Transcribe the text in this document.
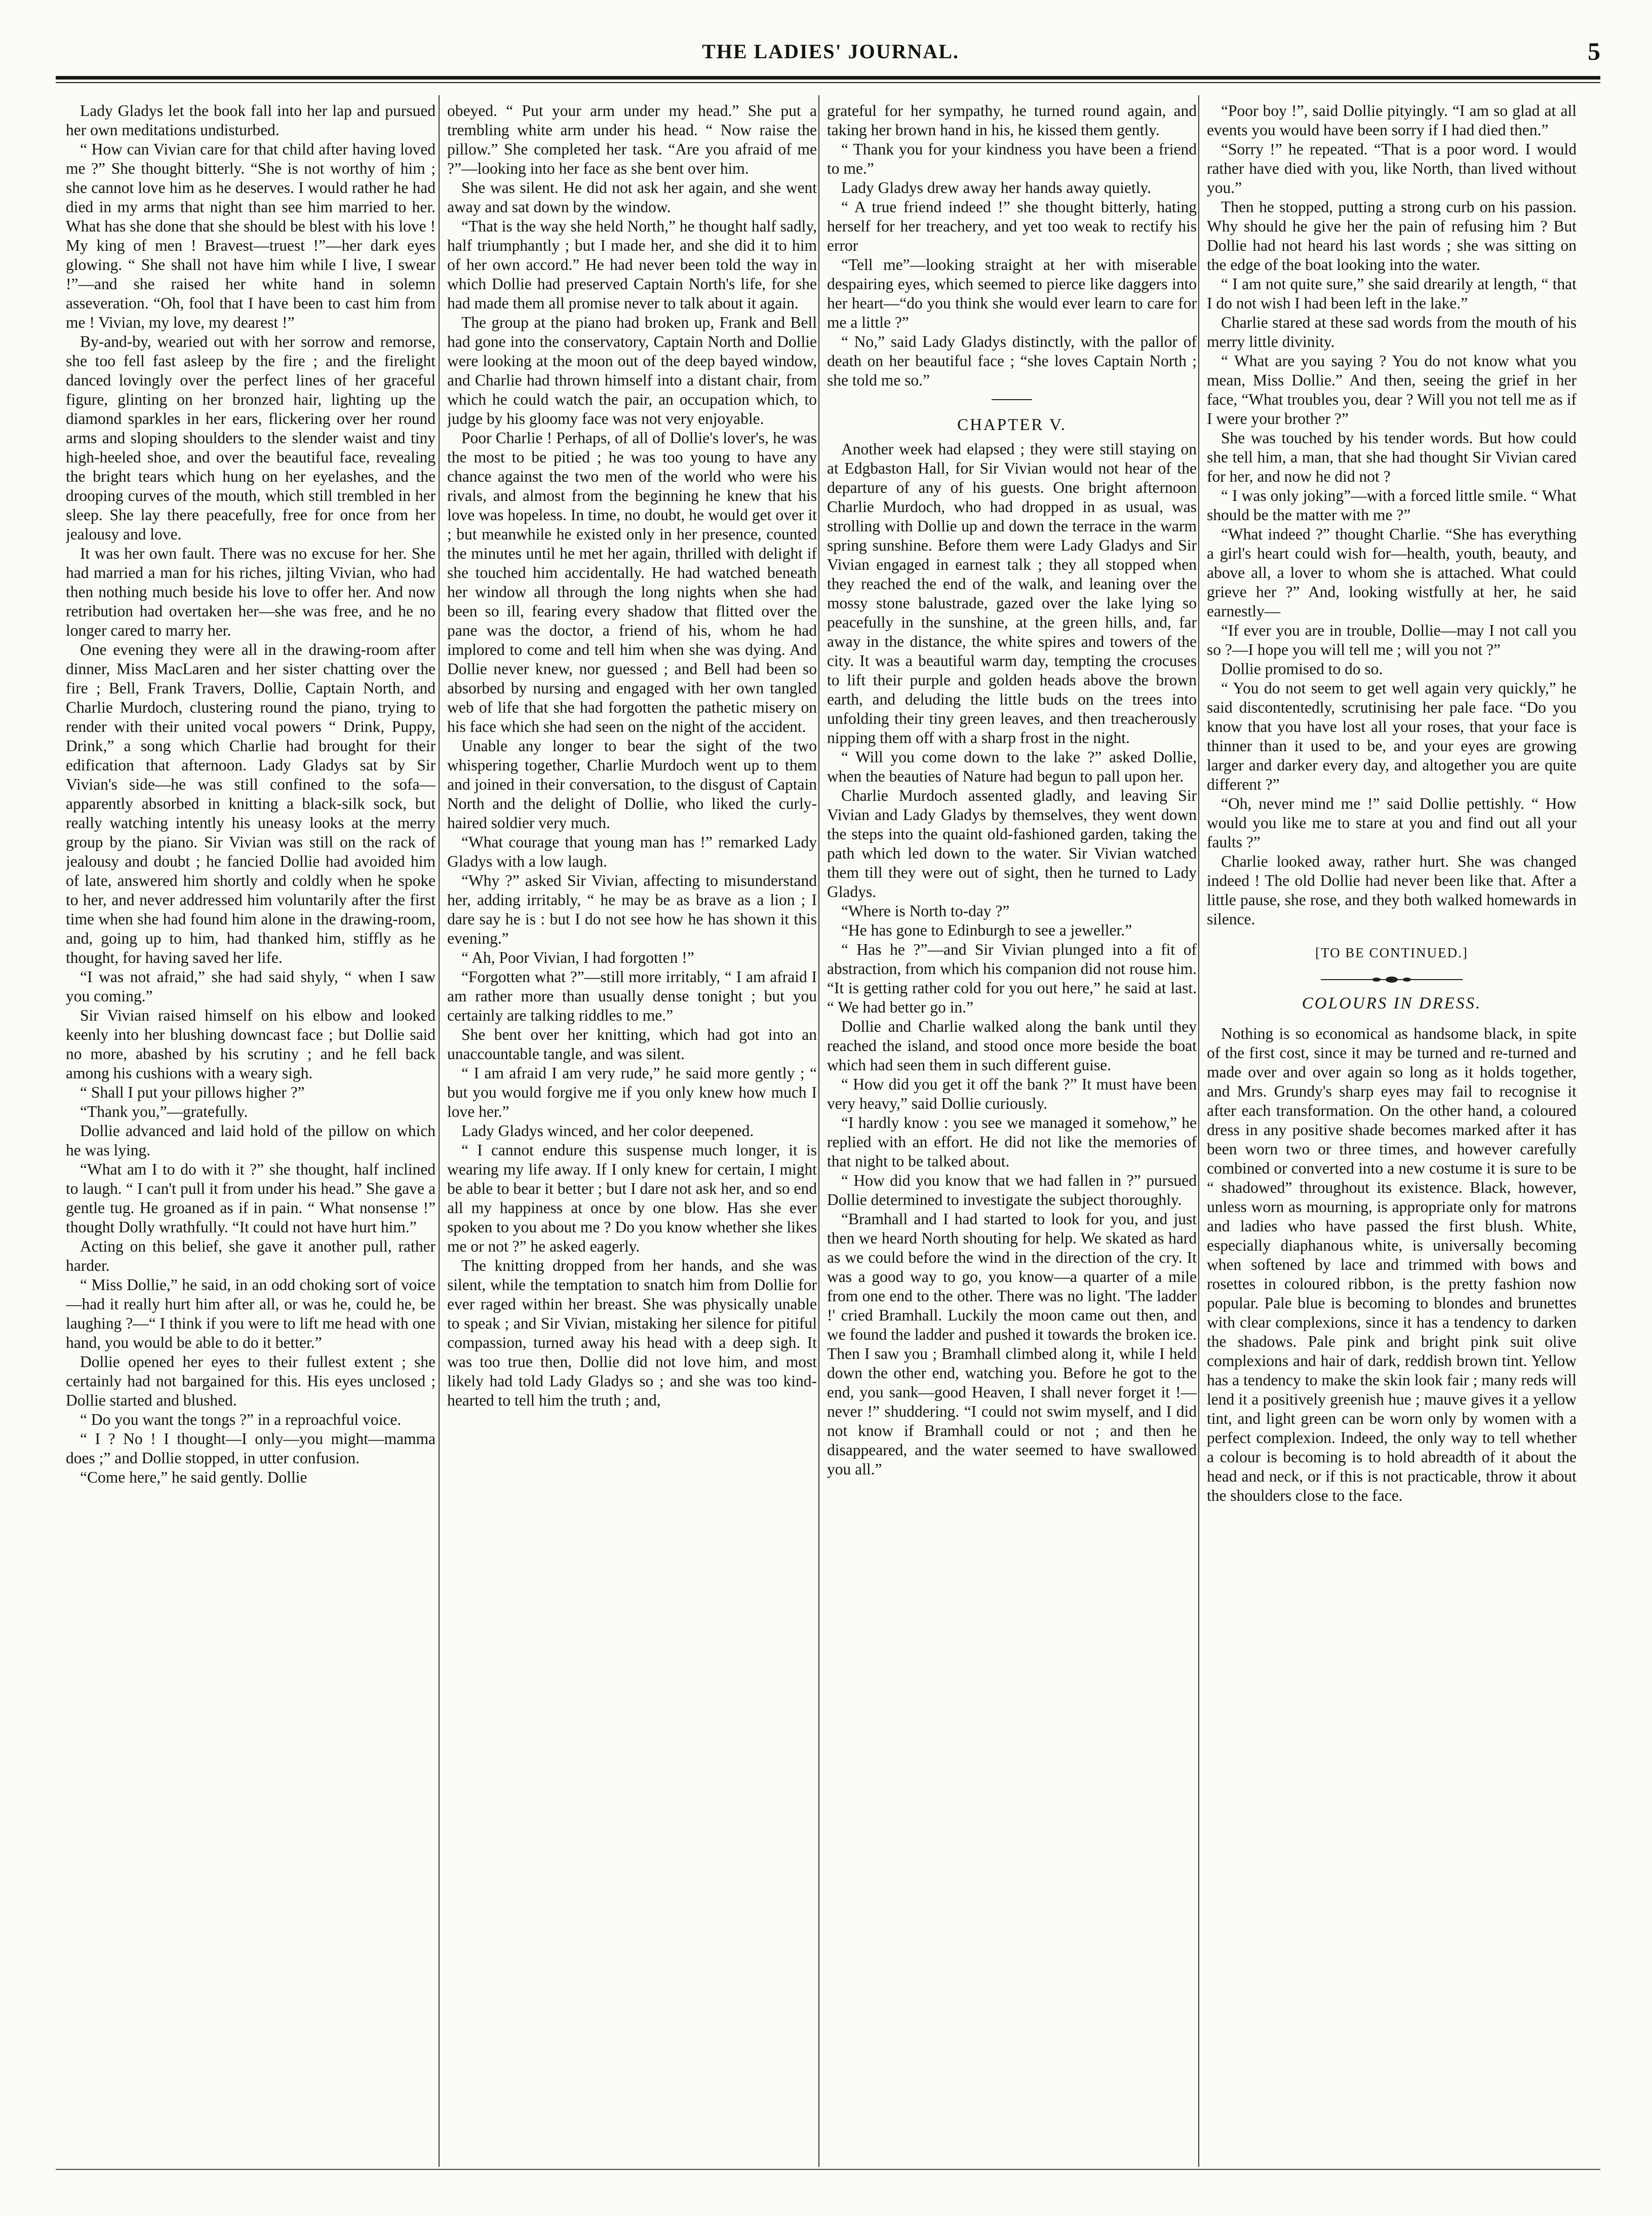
THE LADIES' JOURNAL.	5

Lady Gladys let the book fall into her lap and pursued her own meditations undisturbed.

“ How can Vivian care for that child after having loved me ?” She thought bitterly. “She is not worthy of him ; she cannot love him as he deserves. I would rather he had died in my arms that night than see him married to her. What has she done that she should be blest with his love ! My king of men ! Bravest—truest !”—her dark eyes glowing. “ She shall not have him while I live, I swear !”—and she raised her white hand in solemn asseveration. “Oh, fool that I have been to cast him from me ! Vivian, my love, my dearest !”

By-and-by, wearied out with her sorrow and remorse, she too fell fast asleep by the fire ; and the firelight danced lovingly over the perfect lines of her graceful figure, glinting on her bronzed hair, lighting up the diamond sparkles in her ears, flickering over her round arms and sloping shoulders to the slender waist and tiny high-heeled shoe, and over the beautiful face, revealing the bright tears which hung on her eyelashes, and the drooping curves of the mouth, which still trembled in her sleep. She lay there peacefully, free for once from her jealousy and love.

It was her own fault. There was no excuse for her. She had married a man for his riches, jilting Vivian, who had then nothing much beside his love to offer her. And now retribution had overtaken her—she was free, and he no longer cared to marry her.

One evening they were all in the drawing-room after dinner, Miss MacLaren and her sister chatting over the fire ; Bell, Frank Travers, Dollie, Captain North, and Charlie Murdoch, clustering round the piano, trying to render with their united vocal powers “ Drink, Puppy, Drink,” a song which Charlie had brought for their edification that afternoon. Lady Gladys sat by Sir Vivian's side—he was still confined to the sofa—apparently absorbed in knitting a black-silk sock, but really watching intently his uneasy looks at the merry group by the piano. Sir Vivian was still on the rack of jealousy and doubt ; he fancied Dollie had avoided him of late, answered him shortly and coldly when he spoke to her, and never addressed him voluntarily after the first time when she had found him alone in the drawing-room, and, going up to him, had thanked him, stiffly as he thought, for having saved her life.

“I was not afraid,” she had said shyly, “ when I saw you coming.”

Sir Vivian raised himself on his elbow and looked keenly into her blushing downcast face ; but Dollie said no more, abashed by his scrutiny ; and he fell back among his cushions with a weary sigh.

“ Shall I put your pillows higher ?”

“Thank you,”—gratefully.

Dollie advanced and laid hold of the pillow on which he was lying.

“What am I to do with it ?” she thought, half inclined to laugh. “ I can't pull it from under his head.” She gave a gentle tug. He groaned as if in pain. “ What nonsense !” thought Dolly wrathfully. “It could not have hurt him.”

Acting on this belief, she gave it another pull, rather harder.

“ Miss Dollie,” he said, in an odd choking sort of voice—had it really hurt him after all, or was he, could he, be laughing ?—“ I think if you were to lift me head with one hand, you would be able to do it better.”

Dollie opened her eyes to their fullest extent ; she certainly had not bargained for this. His eyes unclosed ; Dollie started and blushed.

“ Do you want the tongs ?” in a reproachful voice.

“ I ? No ! I thought—I only—you might—mamma does ;” and Dollie stopped, in utter confusion.

“Come here,” he said gently. Dollie

obeyed. “ Put your arm under my head.” She put a trembling white arm under his head. “ Now raise the pillow.” She completed her task. “Are you afraid of me ?”—looking into her face as she bent over him.

She was silent. He did not ask her again, and she went away and sat down by the window.

“That is the way she held North,” he thought half sadly, half triumphantly ; but I made her, and she did it to him of her own accord.” He had never been told the way in which Dollie had preserved Captain North's life, for she had made them all promise never to talk about it again.

The group at the piano had broken up, Frank and Bell had gone into the conservatory, Captain North and Dollie were looking at the moon out of the deep bayed window, and Charlie had thrown himself into a distant chair, from which he could watch the pair, an occupation which, to judge by his gloomy face was not very enjoyable.

Poor Charlie ! Perhaps, of all of Dollie's lover's, he was the most to be pitied ; he was too young to have any chance against the two men of the world who were his rivals, and almost from the beginning he knew that his love was hopeless. In time, no doubt, he would get over it ; but meanwhile he existed only in her presence, counted the minutes until he met her again, thrilled with delight if she touched him accidentally. He had watched beneath her window all through the long nights when she had been so ill, fearing every shadow that flitted over the pane was the doctor, a friend of his, whom he had implored to come and tell him when she was dying. And Dollie never knew, nor guessed ; and Bell had been so absorbed by nursing and engaged with her own tangled web of life that she had forgotten the pathetic misery on his face which she had seen on the night of the accident.

Unable any longer to bear the sight of the two whispering together, Charlie Murdoch went up to them and joined in their conversation, to the disgust of Captain North and the delight of Dollie, who liked the curly-haired soldier very much.

“What courage that young man has !” remarked Lady Gladys with a low laugh.

“Why ?” asked Sir Vivian, affecting to misunderstand her, adding irritably, “ he may be as brave as a lion ; I dare say he is : but I do not see how he has shown it this evening.”

“ Ah, Poor Vivian, I had forgotten !”

“Forgotten what ?”—still more irritably, “ I am afraid I am rather more than usually dense tonight ; but you certainly are talking riddles to me.”

She bent over her knitting, which had got into an unaccountable tangle, and was silent.

“ I am afraid I am very rude,” he said more gently ; “ but you would forgive me if you only knew how much I love her.”

Lady Gladys winced, and her color deepened.

“ I cannot endure this suspense much longer, it is wearing my life away. If I only knew for certain, I might be able to bear it better ; but I dare not ask her, and so end all my happiness at once by one blow. Has she ever spoken to you about me ? Do you know whether she likes me or not ?” he asked eagerly.

The knitting dropped from her hands, and she was silent, while the temptation to snatch him from Dollie for ever raged within her breast. She was physically unable to speak ; and Sir Vivian, mistaking her silence for pitiful compassion, turned away his head with a deep sigh. It was too true then, Dollie did not love him, and most likely had told Lady Gladys so ; and she was too kind-hearted to tell him the truth ; and,

grateful for her sympathy, he turned round again, and taking her brown hand in his, he kissed them gently.

“ Thank you for your kindness you have been a friend to me.”

Lady Gladys drew away her hands away quietly.

“ A true friend indeed !” she thought bitterly, hating herself for her treachery, and yet too weak to rectify his error

“Tell me”—looking straight at her with miserable despairing eyes, which seemed to pierce like daggers into her heart—“do you think she would ever learn to care for me a little ?”

“ No,” said Lady Gladys distinctly, with the pallor of death on her beautiful face ; “she loves Captain North ; she told me so.”

CHAPTER V.

Another week had elapsed ; they were still staying on at Edgbaston Hall, for Sir Vivian would not hear of the departure of any of his guests. One bright afternoon Charlie Murdoch, who had dropped in as usual, was strolling with Dollie up and down the terrace in the warm spring sunshine. Before them were Lady Gladys and Sir Vivian engaged in earnest talk ; they all stopped when they reached the end of the walk, and leaning over the mossy stone balustrade, gazed over the lake lying so peacefully in the sunshine, at the green hills, and, far away in the distance, the white spires and towers of the city. It was a beautiful warm day, tempting the crocuses to lift their purple and golden heads above the brown earth, and deluding the little buds on the trees into unfolding their tiny green leaves, and then treacherously nipping them off with a sharp frost in the night.

“ Will you come down to the lake ?” asked Dollie, when the beauties of Nature had begun to pall upon her.

Charlie Murdoch assented gladly, and leaving Sir Vivian and Lady Gladys by themselves, they went down the steps into the quaint old-fashioned garden, taking the path which led down to the water. Sir Vivian watched them till they were out of sight, then he turned to Lady Gladys.

“Where is North to-day ?”

“He has gone to Edinburgh to see a jeweller.”

“ Has he ?”—and Sir Vivian plunged into a fit of abstraction, from which his companion did not rouse him. “It is getting rather cold for you out here,” he said at last. “ We had better go in.”

Dollie and Charlie walked along the bank until they reached the island, and stood once more beside the boat which had seen them in such different guise.

“ How did you get it off the bank ?” It must have been very heavy,” said Dollie curiously.

“I hardly know : you see we managed it somehow,” he replied with an effort. He did not like the memories of that night to be talked about.

“ How did you know that we had fallen in ?” pursued Dollie determined to investigate the subject thoroughly.

“Bramhall and I had started to look for you, and just then we heard North shouting for help. We skated as hard as we could before the wind in the direction of the cry. It was a good way to go, you know—a quarter of a mile from one end to the other. There was no light. 'The ladder !' cried Bramhall. Luckily the moon came out then, and we found the ladder and pushed it towards the broken ice. Then I saw you ; Bramhall climbed along it, while I held down the other end, watching you. Before he got to the end, you sank—good Heaven, I shall never forget it !—never !” shuddering. “I could not swim myself, and I did not know if Bramhall could or not ; and then he disappeared, and the water seemed to have swallowed you all.”

“Poor boy !”, said Dollie pityingly. “I am so glad at all events you would have been sorry if I had died then.”

“Sorry !” he repeated. “That is a poor word. I would rather have died with you, like North, than lived without you.”

Then he stopped, putting a strong curb on his passion. Why should he give her the pain of refusing him ? But Dollie had not heard his last words ; she was sitting on the edge of the boat looking into the water.

“ I am not quite sure,” she said drearily at length, “ that I do not wish I had been left in the lake.”

Charlie stared at these sad words from the mouth of his merry little divinity.

“ What are you saying ? You do not know what you mean, Miss Dollie.” And then, seeing the grief in her face, “What troubles you, dear ? Will you not tell me as if I were your brother ?”

She was touched by his tender words. But how could she tell him, a man, that she had thought Sir Vivian cared for her, and now he did not ?

“ I was only joking”—with a forced little smile. “ What should be the matter with me ?”

“What indeed ?” thought Charlie. “She has everything a girl's heart could wish for—health, youth, beauty, and above all, a lover to whom she is attached. What could grieve her ?” And, looking wistfully at her, he said earnestly—

“If ever you are in trouble, Dollie—may I not call you so ?—I hope you will tell me ; will you not ?”

Dollie promised to do so.

“ You do not seem to get well again very quickly,” he said discontentedly, scrutinising her pale face. “Do you know that you have lost all your roses, that your face is thinner than it used to be, and your eyes are growing larger and darker every day, and altogether you are quite different ?”

“Oh, never mind me !” said Dollie pettishly. “ How would you like me to stare at you and find out all your faults ?”

Charlie looked away, rather hurt. She was changed indeed ! The old Dollie had never been like that. After a little pause, she rose, and they both walked homewards in silence.

[TO BE CONTINUED.]
COLOURS IN DRESS.

Nothing is so economical as handsome black, in spite of the first cost, since it may be turned and re-turned and made over and over again so long as it holds together, and Mrs. Grundy's sharp eyes may fail to recognise it after each transformation. On the other hand, a coloured dress in any positive shade becomes marked after it has been worn two or three times, and however carefully combined or converted into a new costume it is sure to be “ shadowed” throughout its existence. Black, however, unless worn as mourning, is appropriate only for matrons and ladies who have passed the first blush. White, especially diaphanous white, is universally becoming when softened by lace and trimmed with bows and rosettes in coloured ribbon, is the pretty fashion now popular. Pale blue is becoming to blondes and brunettes with clear complexions, since it has a tendency to darken the shadows. Pale pink and bright pink suit olive complexions and hair of dark, reddish brown tint. Yellow has a tendency to make the skin look fair ; many reds will lend it a positively greenish hue ; mauve gives it a yellow tint, and light green can be worn only by women with a perfect complexion. Indeed, the only way to tell whether a colour is becoming is to hold abreadth of it about the head and neck, or if this is not practicable, throw it about the shoulders close to the face.
